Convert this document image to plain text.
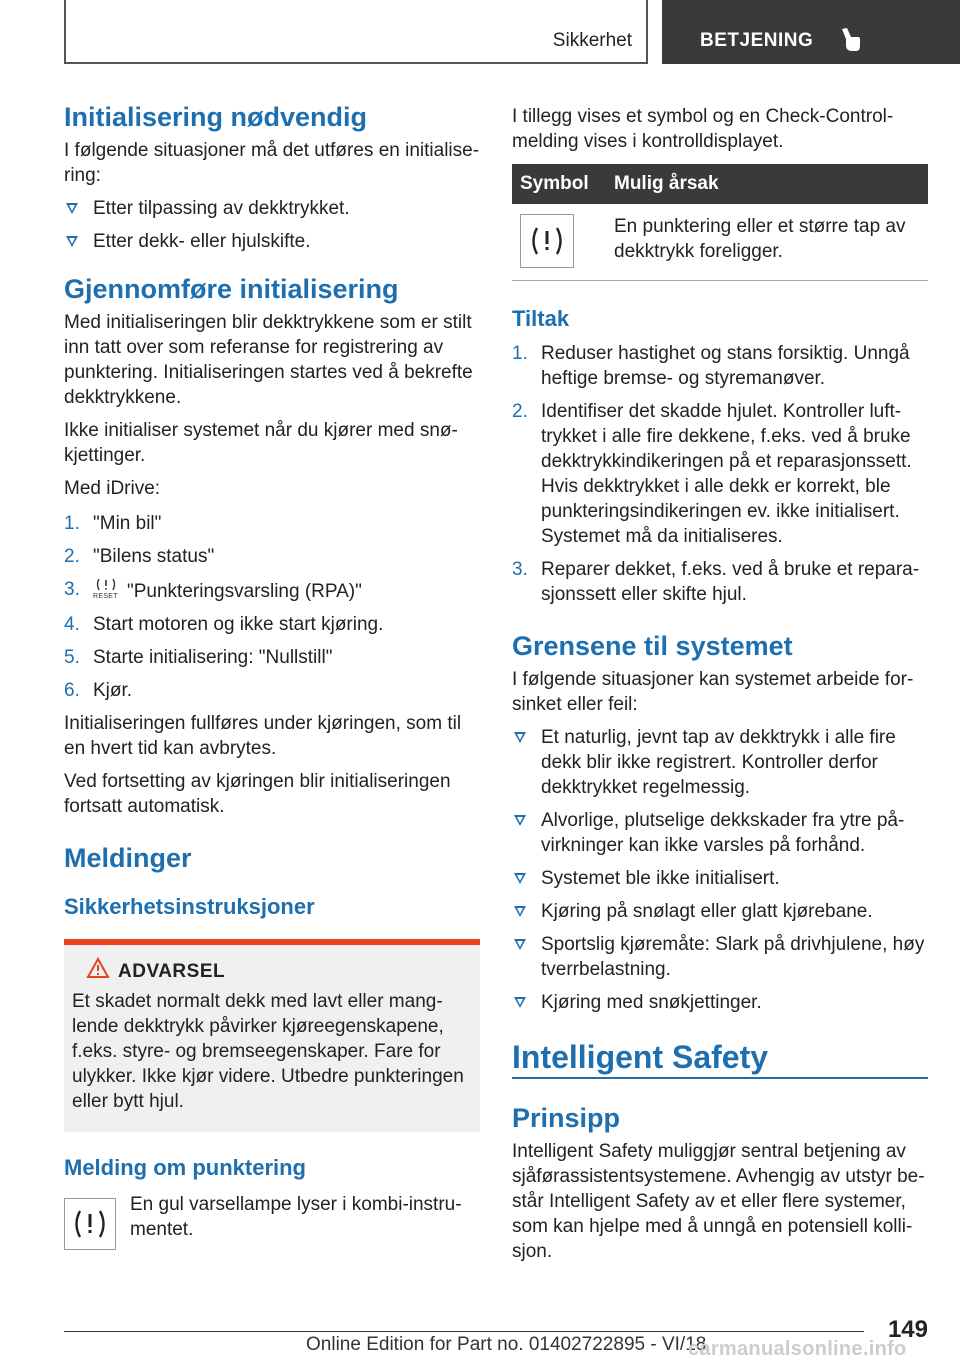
Sikkerhet	BETJENING
Initialisering nødvendig

I følgende situasjoner må det utføres en initialise-ring:

Etter tilpassing av dekktrykket.
Etter dekk- eller hjulskifte.
Gjennomføre initialisering

Med initialiseringen blir dekktrykkene som er stilt inn tatt over som referanse for registrering av punktering. Initialiseringen startes ved å bekrefte dekktrykkene.

Ikke initialiser systemet når du kjører med snø-kjettinger.

Med iDrive:

1. "Min bil"
2. "Bilens status"
3. RESET "Punkteringsvarsling (RPA)"
4. Start motoren og ikke start kjøring.
5. Starte initialisering: "Nullstill"
6. Kjør.

Initialiseringen fullføres under kjøringen, som til en hvert tid kan avbrytes.

Ved fortsetting av kjøringen blir initialiseringen fortsatt automatisk.

Meldinger
Sikkerhetsinstruksjoner
ADVARSEL

Et skadet normalt dekk med lavt eller mang-lende dekktrykk påvirker kjøreegenskapene, f.eks. styre- og bremseegenskaper. Fare for ulykker. Ikke kjør videre. Utbedre punkteringen eller bytt hjul.

Melding om punktering

En gul varsellampe lyser i kombi-instru-mentet.

I tillegg vises et symbol og en Check-Control-melding vises i kontrolldisplayet.

Symbol	Mulig årsak

	En punktering eller et større tap av dekktrykk foreligger.
Tiltak
1. Reduser hastighet og stans forsiktig. Unngå heftige bremse- og styremanøver.
2. Identifiser det skadde hjulet. Kontroller luft-trykket i alle fire dekkene, f.eks. ved å bruke dekktrykkindikeringen på et reparasjonssett. Hvis dekktrykket i alle dekk er korrekt, ble punkteringsindikeringen ev. ikke initialisert. Systemet må da initialiseres.
3. Reparer dekket, f.eks. ved å bruke et repara-sjonssett eller skifte hjul.
Grensene til systemet

I følgende situasjoner kan systemet arbeide for-sinket eller feil:

Et naturlig, jevnt tap av dekktrykk i alle fire dekk blir ikke registrert. Kontroller derfor dekktrykket regelmessig.
Alvorlige, plutselige dekkskader fra ytre på-virkninger kan ikke varsles på forhånd.
Systemet ble ikke initialisert.
Kjøring på snølagt eller glatt kjørebane.
Sportslig kjøremåte: Slark på drivhjulene, høy tverrbelastning.
Kjøring med snøkjettinger.
Intelligent Safety
Prinsipp

Intelligent Safety muliggjør sentral betjening av sjåførassistentsystemene. Avhengig av utstyr be-står Intelligent Safety av et eller flere systemer, som kan hjelpe med å unngå en potensiell kolli-sjon.

149
Online Edition for Part no. 01402722895 - VI/18
carmanualsonline.info
